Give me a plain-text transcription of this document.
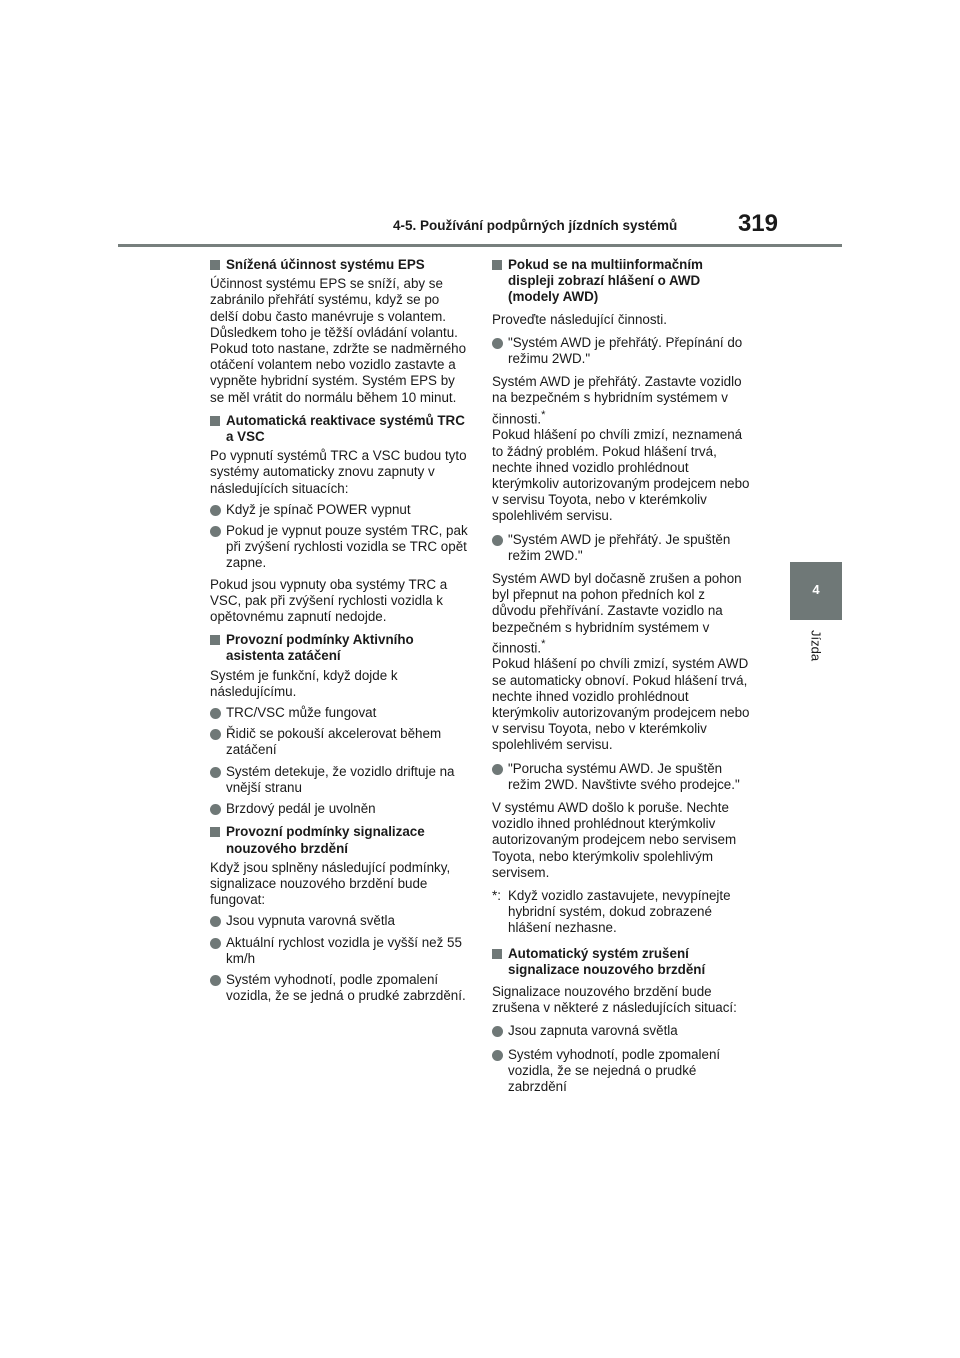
4-5. Používání podpůrných jízdních systémů	319
4
Jízda
Snížená účinnost systému EPS

Účinnost systému EPS se sníží, aby se zabránilo přehřátí systému, když se po delší dobu často manévruje s volantem. Důsledkem toho je těžší ovládání volantu. Pokud toto nastane, zdržte se nadměrného otáčení volantem nebo vozidlo zastavte a vypněte hybridní systém. Systém EPS by se měl vrátit do normálu během 10 minut.

Automatická reaktivace systémů TRC a VSC

Po vypnutí systémů TRC a VSC budou tyto systémy automaticky znovu zapnuty v následujících situacích:

Když je spínač POWER vypnut
Pokud je vypnut pouze systém TRC, pak při zvýšení rychlosti vozidla se TRC opět zapne.

Pokud jsou vypnuty oba systémy TRC a VSC, pak při zvýšení rychlosti vozidla k opětovnému zapnutí nedojde.

Provozní podmínky Aktivního asistenta zatáčení

Systém je funkční, když dojde k následujícímu.

TRC/VSC může fungovat
Řidič se pokouší akcelerovat během zatáčení
Systém detekuje, že vozidlo driftuje na vnější stranu
Brzdový pedál je uvolněn
Provozní podmínky signalizace nouzového brzdění

Když jsou splněny následující podmínky, signalizace nouzového brzdění bude fungovat:

Jsou vypnuta varovná světla
Aktuální rychlost vozidla je vyšší než 55 km/h
Systém vyhodnotí, podle zpomalení vozidla, že se jedná o prudké zabrzdění.
Pokud se na multiinformačním displeji zobrazí hlášení o AWD (modely AWD)

Proveďte následující činnosti.

"Systém AWD je přehřátý. Přepínání do režimu 2WD."

Systém AWD je přehřátý. Zastavte vozidlo na bezpečném s hybridním systémem v činnosti.*
Pokud hlášení po chvíli zmizí, neznamená to žádný problém. Pokud hlášení trvá, nechte ihned vozidlo prohlédnout kterýmkoliv autorizovaným prodejcem nebo v servisu Toyota, nebo v kterémkoliv spolehlivém servisu.

"Systém AWD je přehřátý. Je spuštěn režim 2WD."

Systém AWD byl dočasně zrušen a pohon byl přepnut na pohon předních kol z důvodu přehřívání. Zastavte vozidlo na bezpečném s hybridním systémem v činnosti.*
Pokud hlášení po chvíli zmizí, systém AWD se automaticky obnoví. Pokud hlášení trvá, nechte ihned vozidlo prohlédnout kterýmkoliv autorizovaným prodejcem nebo v servisu Toyota, nebo v kterémkoliv spolehlivém servisu.

"Porucha systému AWD. Je spuštěn režim 2WD. Navštivte svého prodejce."

V systému AWD došlo k poruše. Nechte vozidlo ihned prohlédnout kterýmkoliv autorizovaným prodejcem nebo servisem Toyota, nebo kterýmkoliv spolehlivým servisem.

*: Když vozidlo zastavujete, nevypínejte hybridní systém, dokud zobrazené hlášení nezhasne.
Automatický systém zrušení signalizace nouzového brzdění

Signalizace nouzového brzdění bude zrušena v některé z následujících situací:

Jsou zapnuta varovná světla
Systém vyhodnotí, podle zpomalení vozidla, že se nejedná o prudké zabrzdění
